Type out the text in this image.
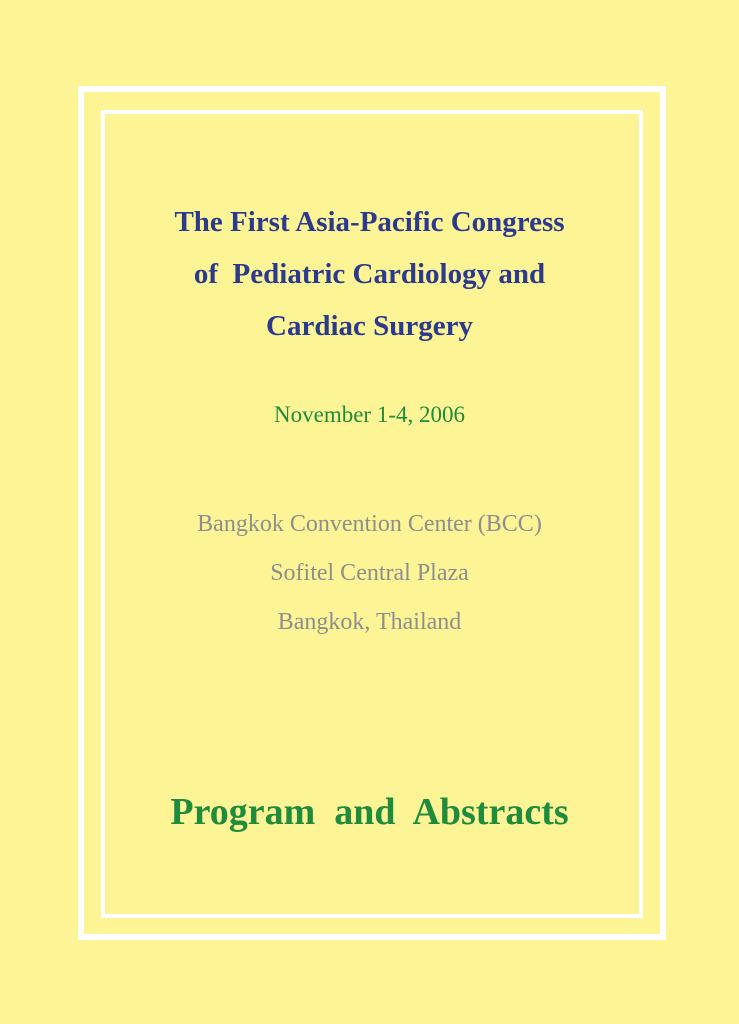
The First Asia-Pacific Congress
of  Pediatric Cardiology and
Cardiac Surgery
November 1-4, 2006
Bangkok Convention Center (BCC)
Sofitel Central Plaza
Bangkok, Thailand
Program  and  Abstracts
